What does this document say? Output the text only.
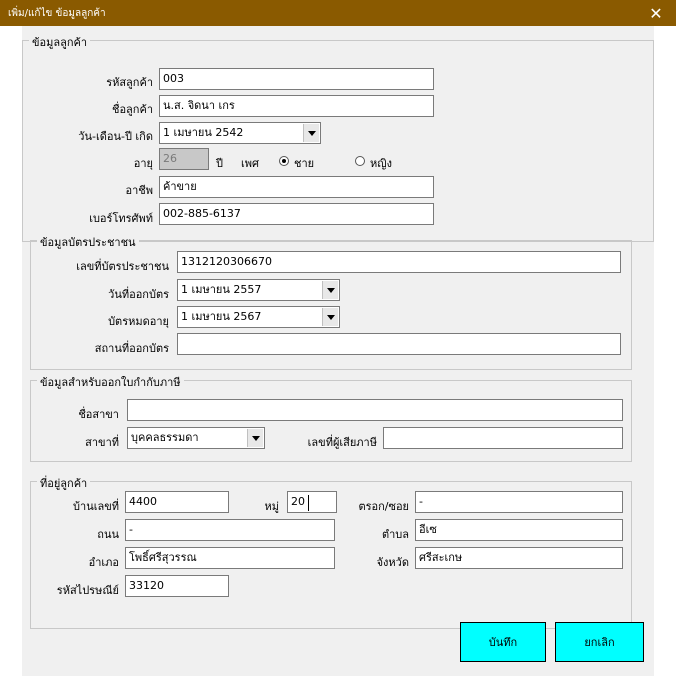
เพิ่ม/แก้ไข ข้อมูลลูกค้า	✕
ข้อมูลลูกค้า
รหัสลูกค้า 003
ชื่อลูกค้า น.ส. จิดนา เกร
วัน-เดือน-ปี เกิด 1 เมษายน 2542
อายุ 26	ปี เพศ	ชาย	หญิง
อาชีพ ค้าขาย
เบอร์โทรศัพท์ 002-885-6137
ข้อมูลบัตรประชาชน
เลขที่บัตรประชาชน	1312120306670
วันที่ออกบัตร 1 เมษายน 2557
บัตรหมดอายุ 1 เมษายน 2567
สถานที่ออกบัตร
ข้อมูลสำหรับออกใบกำกับภาษี
ชื่อสาขา
สาขาที่ บุคคลธรรมดา	เลขที่ผู้เสียภาษี
ที่อยู่ลูกค้า
บ้านเลขที่ 4400	หมู่	20	ตรอก/ซอย -
ถนน -	ตำบล อีเซ
อำเภอ โพธิ์ศรีสุวรรณ	จังหวัด ศรีสะเกษ
รหัสไปรษณีย์ 33120
บันทึก	ยกเลิก
